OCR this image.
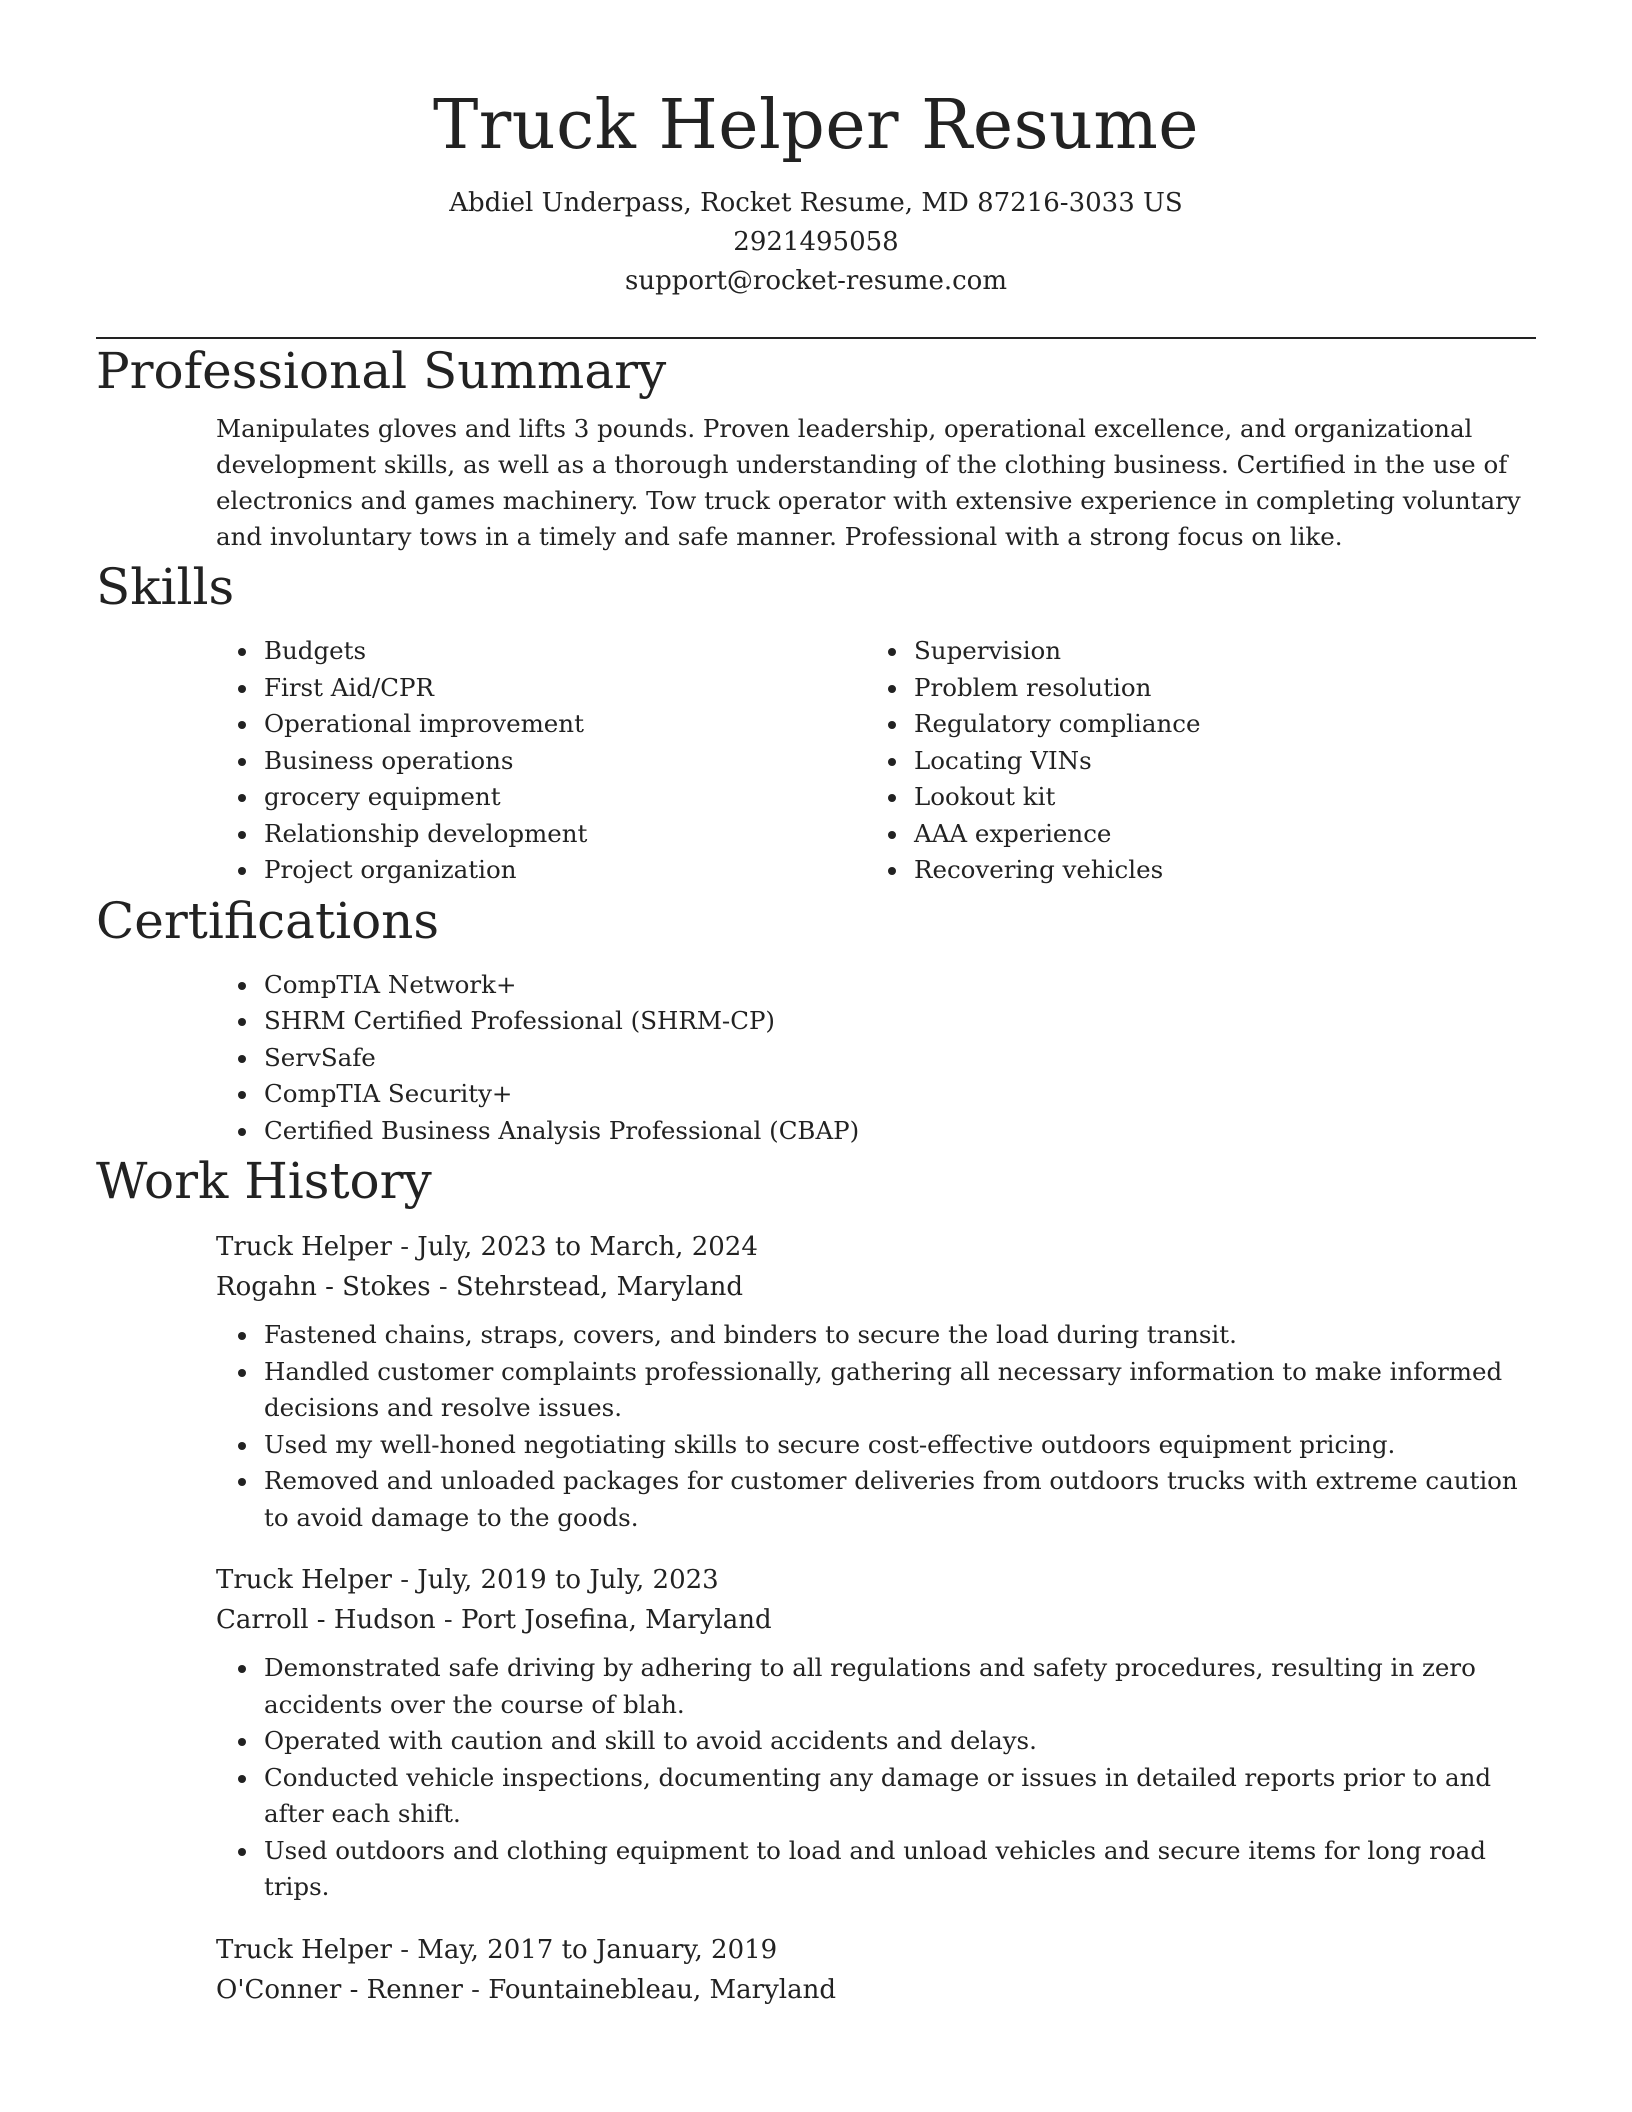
Truck Helper Resume

Abdiel Underpass, Rocket Resume, MD 87216-3033 US

2921495058

support@rocket-resume.com

Professional Summary

Manipulates gloves and lifts 3 pounds. Proven leadership, operational excellence, and organizational development skills, as well as a thorough understanding of the clothing business. Certified in the use of electronics and games machinery. Tow truck operator with extensive experience in completing voluntary and involuntary tows in a timely and safe manner. Professional with a strong focus on like.

Skills
• Budgets
• First Aid/CPR
• Operational improvement
• Business operations
• grocery equipment
• Relationship development
• Project organization
• Supervision
• Problem resolution
• Regulatory compliance
• Locating VINs
• Lookout kit
• AAA experience
• Recovering vehicles
Certifications
• CompTIA Network+
• SHRM Certified Professional (SHRM-CP)
• ServSafe
• CompTIA Security+
• Certified Business Analysis Professional (CBAP)
Work History

Truck Helper - July, 2023 to March, 2024

Rogahn - Stokes - Stehrstead, Maryland

• Fastened chains, straps, covers, and binders to secure the load during transit.
• Handled customer complaints professionally, gathering all necessary information to make informed decisions and resolve issues.
• Used my well-honed negotiating skills to secure cost-effective outdoors equipment pricing.
• Removed and unloaded packages for customer deliveries from outdoors trucks with extreme caution to avoid damage to the goods.

Truck Helper - July, 2019 to July, 2023

Carroll - Hudson - Port Josefina, Maryland

• Demonstrated safe driving by adhering to all regulations and safety procedures, resulting in zero accidents over the course of blah.
• Operated with caution and skill to avoid accidents and delays.
• Conducted vehicle inspections, documenting any damage or issues in detailed reports prior to and after each shift.
• Used outdoors and clothing equipment to load and unload vehicles and secure items for long road trips.

Truck Helper - May, 2017 to January, 2019

O'Conner - Renner - Fountainebleau, Maryland
